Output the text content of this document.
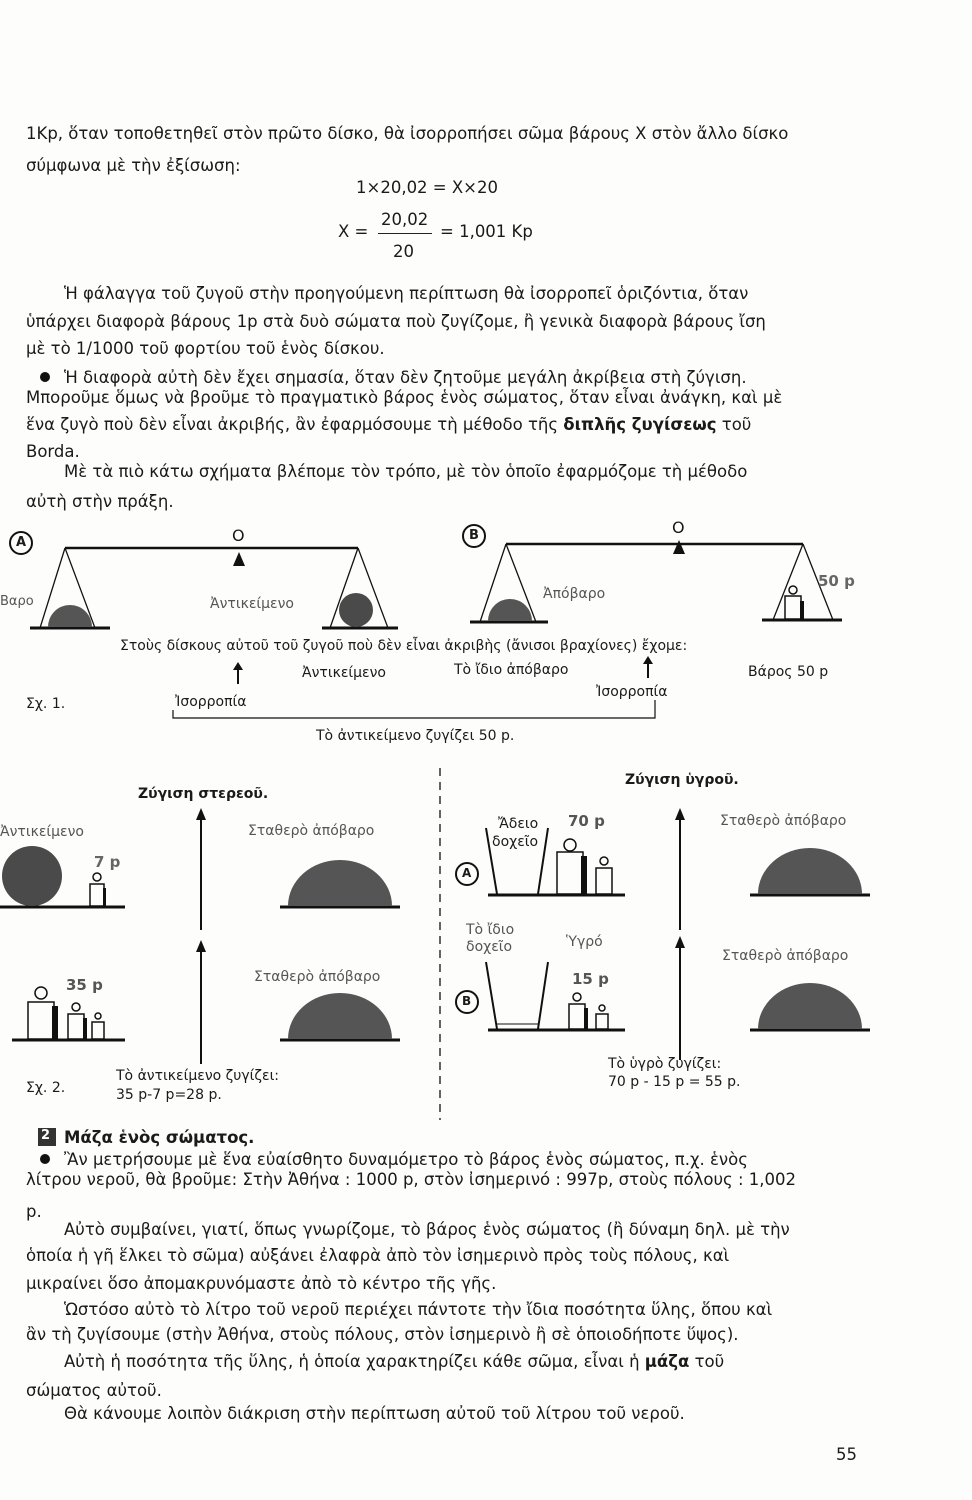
1Κp, ὅταν τοποθετηθεῖ στὸν πρῶτο δίσκο, θὰ ἰσορροπήσει σῶμα βάρους Χ στὸν ἄλλο δίσκο
σύμφωνα μὲ τὴν ἐξίσωση:
1×20,02 = X×20
X =
20,02
20
= 1,001 Kp
Ἡ φάλαγγα τοῦ ζυγοῦ στὴν προηγούμενη περίπτωση θὰ ἰσορροπεῖ ὁριζόντια, ὅταν
ὑπάρχει διαφορὰ βάρους 1p στὰ δυὸ σώματα ποὺ ζυγίζομε, ἢ γενικὰ διαφορὰ βάρους ἴση
μὲ τὸ 1/1000 τοῦ φορτίου τοῦ ἑνὸς δίσκου.
Ἡ διαφορὰ αὐτὴ δὲν ἔχει σημασία, ὅταν δὲν ζητοῦμε μεγάλη ἀκρίβεια στὴ ζύγιση.
Μποροῦμε ὅμως νὰ βροῦμε τὸ πραγματικὸ βάρος ἑνὸς σώματος, ὅταν εἶναι ἀνάγκη, καὶ μὲ
ἕνα ζυγὸ ποὺ δὲν εἶναι ἀκριβής, ἂν ἐφαρμόσουμε τὴ μέθοδο τῆς διπλῆς ζυγίσεως τοῦ
Borda.
Μὲ τὰ πιὸ κάτω σχήματα βλέπομε τὸν τρόπο, μὲ τὸν ὁποῖο ἐφαρμόζομε τὴ μέθοδο
αὐτὴ στὴν πράξη.
A	B
O	O
Βαρο	Ἀντικείμενο
Ἀπόβαρο
50 p
Στοὺς δίσκους αὐτοῦ τοῦ ζυγοῦ ποὺ δὲν εἶναι ἀκριβὴς (ἄνισοι βραχίονες) ἔχομε:
Ἀντικείμενο	Τὸ ἴδιο ἀπόβαρο	Βάρος 50 p
Ἰσορροπία
Ἰσορροπία
Σχ. 1.
Τὸ ἀντικείμενο ζυγίζει 50 p.
Ζύγιση στερεοῦ.
Ζύγιση ὑγροῦ.
Ἀντικείμενο	Σταθερὸ ἀπόβαρο
7 p
35 p	Σταθερὸ ἀπόβαρο
Ἄδειο
δοχεῖο
70 p	Σταθερὸ ἀπόβαρο
A
Τὸ ἴδιο
δοχεῖο	Ὑγρό
Σταθερὸ ἀπόβαρο
15 p
B
Σχ. 2.
Τὸ ἀντικείμενο ζυγίζει:
35 p-7 p=28 p.
Τὸ ὑγρὸ ζυγίζει:
70 p - 15 p = 55 p.
2 Μάζα ἑνὸς σώματος.
Ἂν μετρήσουμε μὲ ἕνα εὐαίσθητο δυναμόμετρο τὸ βάρος ἑνὸς σώματος, π.χ. ἑνὸς
λίτρου νεροῦ, θὰ βροῦμε: Στὴν Ἀθήνα : 1000 p, στὸν ἰσημερινό : 997p, στοὺς πόλους : 1,002
p.
Αὐτὸ συμβαίνει, γιατί, ὅπως γνωρίζομε, τὸ βάρος ἑνὸς σώματος (ἢ δύναμη δηλ. μὲ τὴν
ὁποία ἡ γῆ ἕλκει τὸ σῶμα) αὐξάνει ἐλαφρὰ ἀπὸ τὸν ἰσημερινὸ πρὸς τοὺς πόλους, καὶ
μικραίνει ὅσο ἀπομακρυνόμαστε ἀπὸ τὸ κέντρο τῆς γῆς.
Ὡστόσο αὐτὸ τὸ λίτρο τοῦ νεροῦ περιέχει πάντοτε τὴν ἴδια ποσότητα ὕλης, ὅπου καὶ
ἂν τὴ ζυγίσουμε (στὴν Ἀθήνα, στοὺς πόλους, στὸν ἰσημερινὸ ἢ σὲ ὁποιοδήποτε ὕψος).
Αὐτὴ ἡ ποσότητα τῆς ὕλης, ἡ ὁποία χαρακτηρίζει κάθε σῶμα, εἶναι ἡ μάζα τοῦ
σώματος αὐτοῦ.
Θὰ κάνουμε λοιπὸν διάκριση στὴν περίπτωση αὐτοῦ τοῦ λίτρου τοῦ νεροῦ.
55
